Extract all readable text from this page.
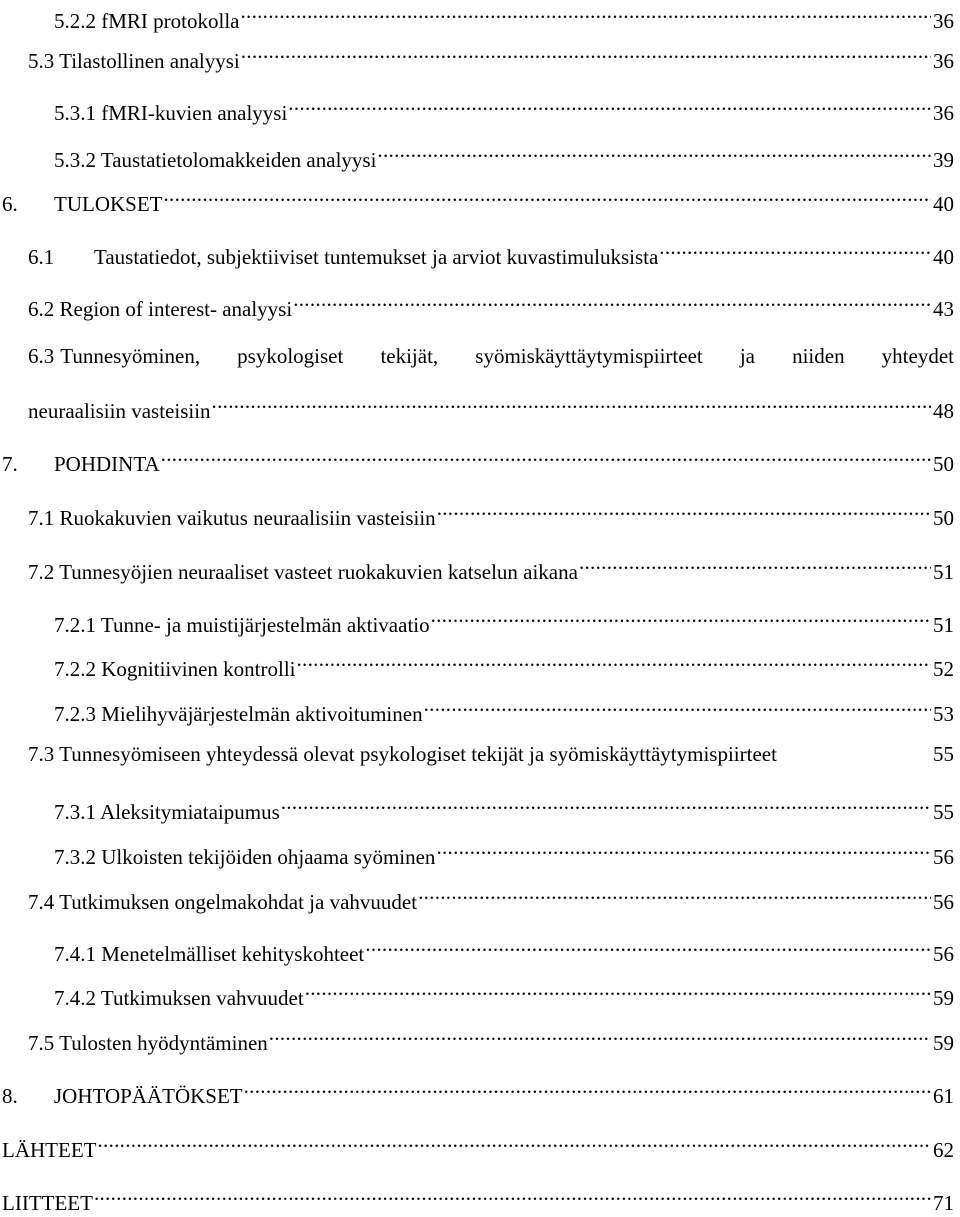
5.2.2 fMRI protokolla .....	36
5.3 Tilastollinen analyysi .....	36
5.3.1 fMRI-kuvien analyysi .....	36
5.3.2 Taustatietolomakkeiden analyysi .....	39
6. TULOKSET .....	40
6.1 Taustatiedot, subjektiiviset tuntemukset ja arviot kuvastimuluksista .....	40
6.2 Region of interest- analyysi .....	43
6.3 Tunnesyöminen, psykologiset tekijät, syömiskäyttäytymispiirteet ja niiden yhteydet
neuraalisiin vasteisiin .....	48
7. POHDINTA .....	50
7.1 Ruokakuvien vaikutus neuraalisiin vasteisiin .....	50
7.2 Tunnesyöjien neuraaliset vasteet ruokakuvien katselun aikana .....	51
7.2.1 Tunne- ja muistijärjestelmän aktivaatio .....	51
7.2.2 Kognitiivinen kontrolli .....	52
7.2.3 Mielihyväjärjestelmän aktivoituminen .....	53
7.3 Tunnesyömiseen yhteydessä olevat psykologiset tekijät ja syömiskäyttäytymispiirteet	55
7.3.1 Aleksitymiataipumus .....	55
7.3.2 Ulkoisten tekijöiden ohjaama syöminen .....	56
7.4 Tutkimuksen ongelmakohdat ja vahvuudet .....	56
7.4.1 Menetelmälliset kehityskohteet .....	56
7.4.2 Tutkimuksen vahvuudet .....	59
7.5 Tulosten hyödyntäminen .....	59
8. JOHTOPÄÄTÖKSET .....	61
LÄHTEET .....	62
LIITTEET .....	71
